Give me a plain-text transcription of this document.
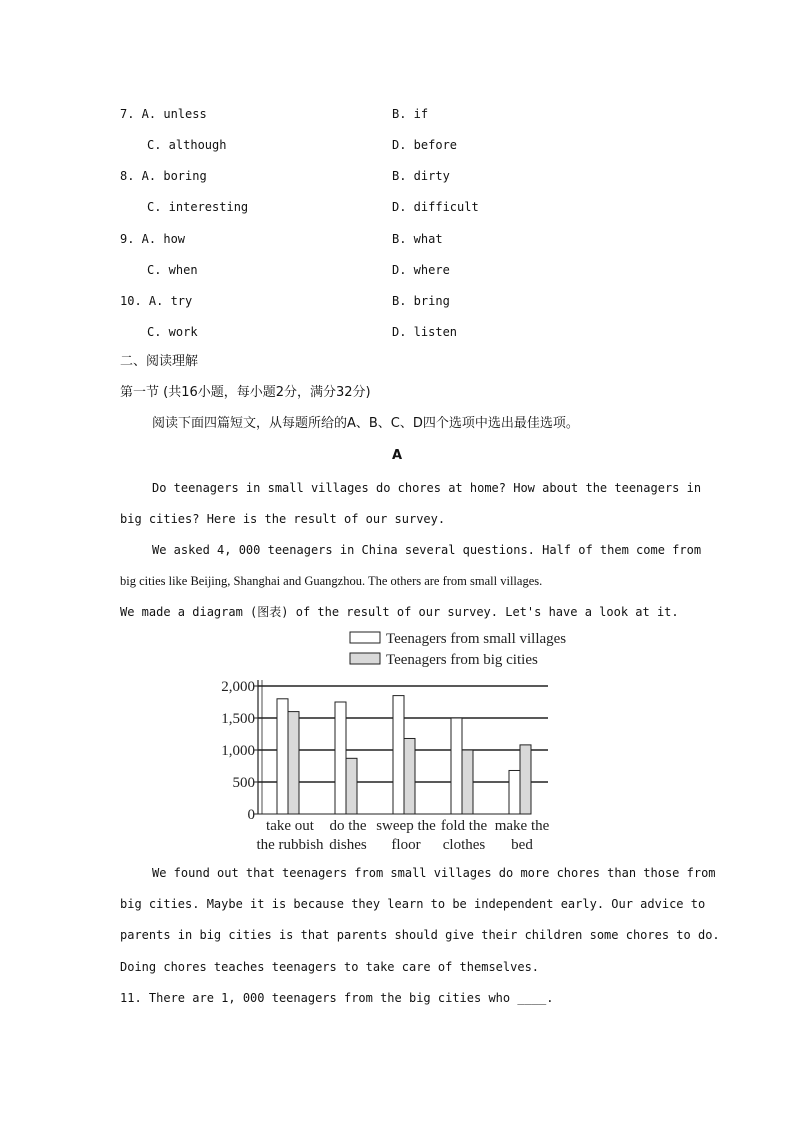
7. A. unless	B. if
C. although	D. before
8. A. boring	B. dirty
C. interesting	D. difficult
9. A. how	B. what
C. when	D. where
10. A. try	B. bring
C. work	D. listen
二、阅读理解
第一节 (共16小题，每小题2分，满分32分)
阅读下面四篇短文，从每题所给的A、B、C、D四个选项中选出最佳选项。
A
Do teenagers in small villages do chores at home? How about the teenagers in
big cities? Here is the result of our survey.
We asked 4, 000 teenagers in China several questions. Half of them come from
big cities like Beijing, Shanghai and Guangzhou. The others are from small villages.
We made a diagram (图表) of the result of our survey. Let's have a look at it.
Teenagers from small villages
Teenagers from big cities
2,000
1,500
1,000
500
0
take out
the rubbish
do the
dishes
sweep the
floor
fold the
clothes
make the
bed
We found out that teenagers from small villages do more chores than those from
big cities. Maybe it is because they learn to be independent early. Our advice to
parents in big cities is that parents should give their children some chores to do.
Doing chores teaches teenagers to take care of themselves.
11. There are 1, 000 teenagers from the big cities who ____.
